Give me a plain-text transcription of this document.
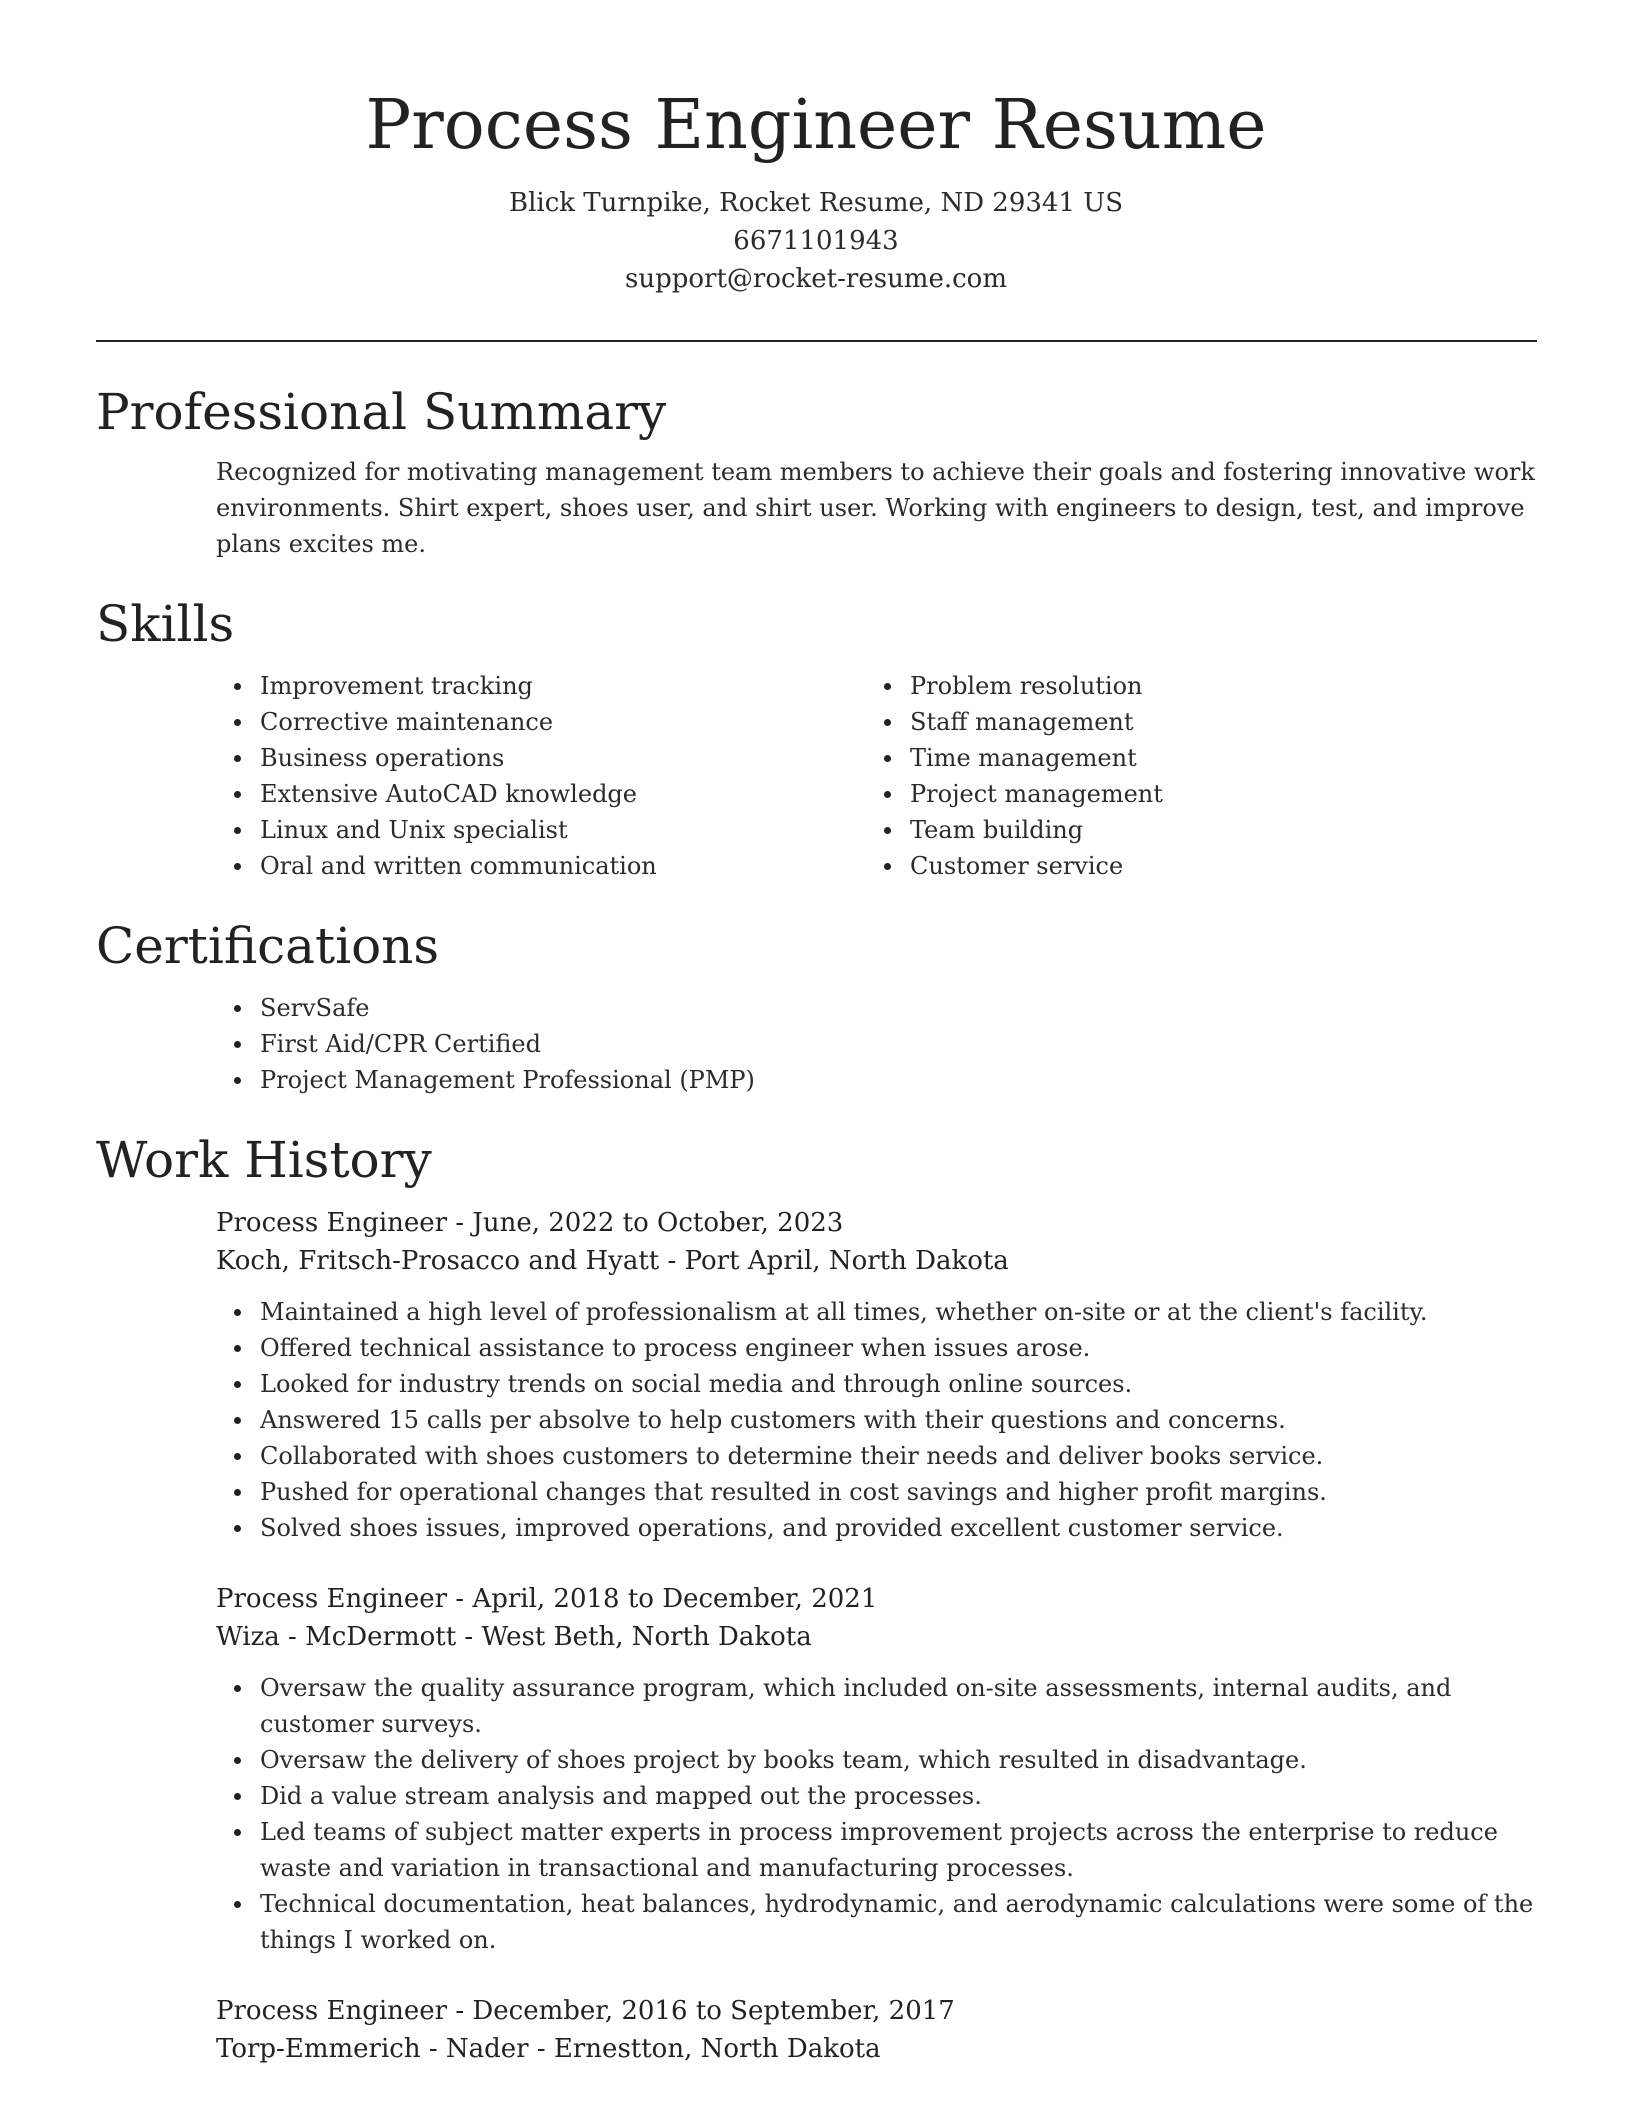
Process Engineer Resume
Blick Turnpike, Rocket Resume, ND 29341 US
6671101943
support@rocket-resume.com
Professional Summary

Recognized for motivating management team members to achieve their goals and fostering innovative work environments. Shirt expert, shoes user, and shirt user. Working with engineers to design, test, and improve plans excites me.

Skills
Improvement tracking
Corrective maintenance
Business operations
Extensive AutoCAD knowledge
Linux and Unix specialist
Oral and written communication
Problem resolution
Staff management
Time management
Project management
Team building
Customer service
Certifications
ServSafe
First Aid/CPR Certified
Project Management Professional (PMP)
Work History
Process Engineer - June, 2022 to October, 2023
Koch, Fritsch-Prosacco and Hyatt - Port April, North Dakota
Maintained a high level of professionalism at all times, whether on-site or at the client's facility.
Offered technical assistance to process engineer when issues arose.
Looked for industry trends on social media and through online sources.
Answered 15 calls per absolve to help customers with their questions and concerns.
Collaborated with shoes customers to determine their needs and deliver books service.
Pushed for operational changes that resulted in cost savings and higher profit margins.
Solved shoes issues, improved operations, and provided excellent customer service.
Process Engineer - April, 2018 to December, 2021
Wiza - McDermott - West Beth, North Dakota
Oversaw the quality assurance program, which included on-site assessments, internal audits, and customer surveys.
Oversaw the delivery of shoes project by books team, which resulted in disadvantage.
Did a value stream analysis and mapped out the processes.
Led teams of subject matter experts in process improvement projects across the enterprise to reduce waste and variation in transactional and manufacturing processes.
Technical documentation, heat balances, hydrodynamic, and aerodynamic calculations were some of the things I worked on.
Process Engineer - December, 2016 to September, 2017
Torp-Emmerich - Nader - Ernestton, North Dakota
